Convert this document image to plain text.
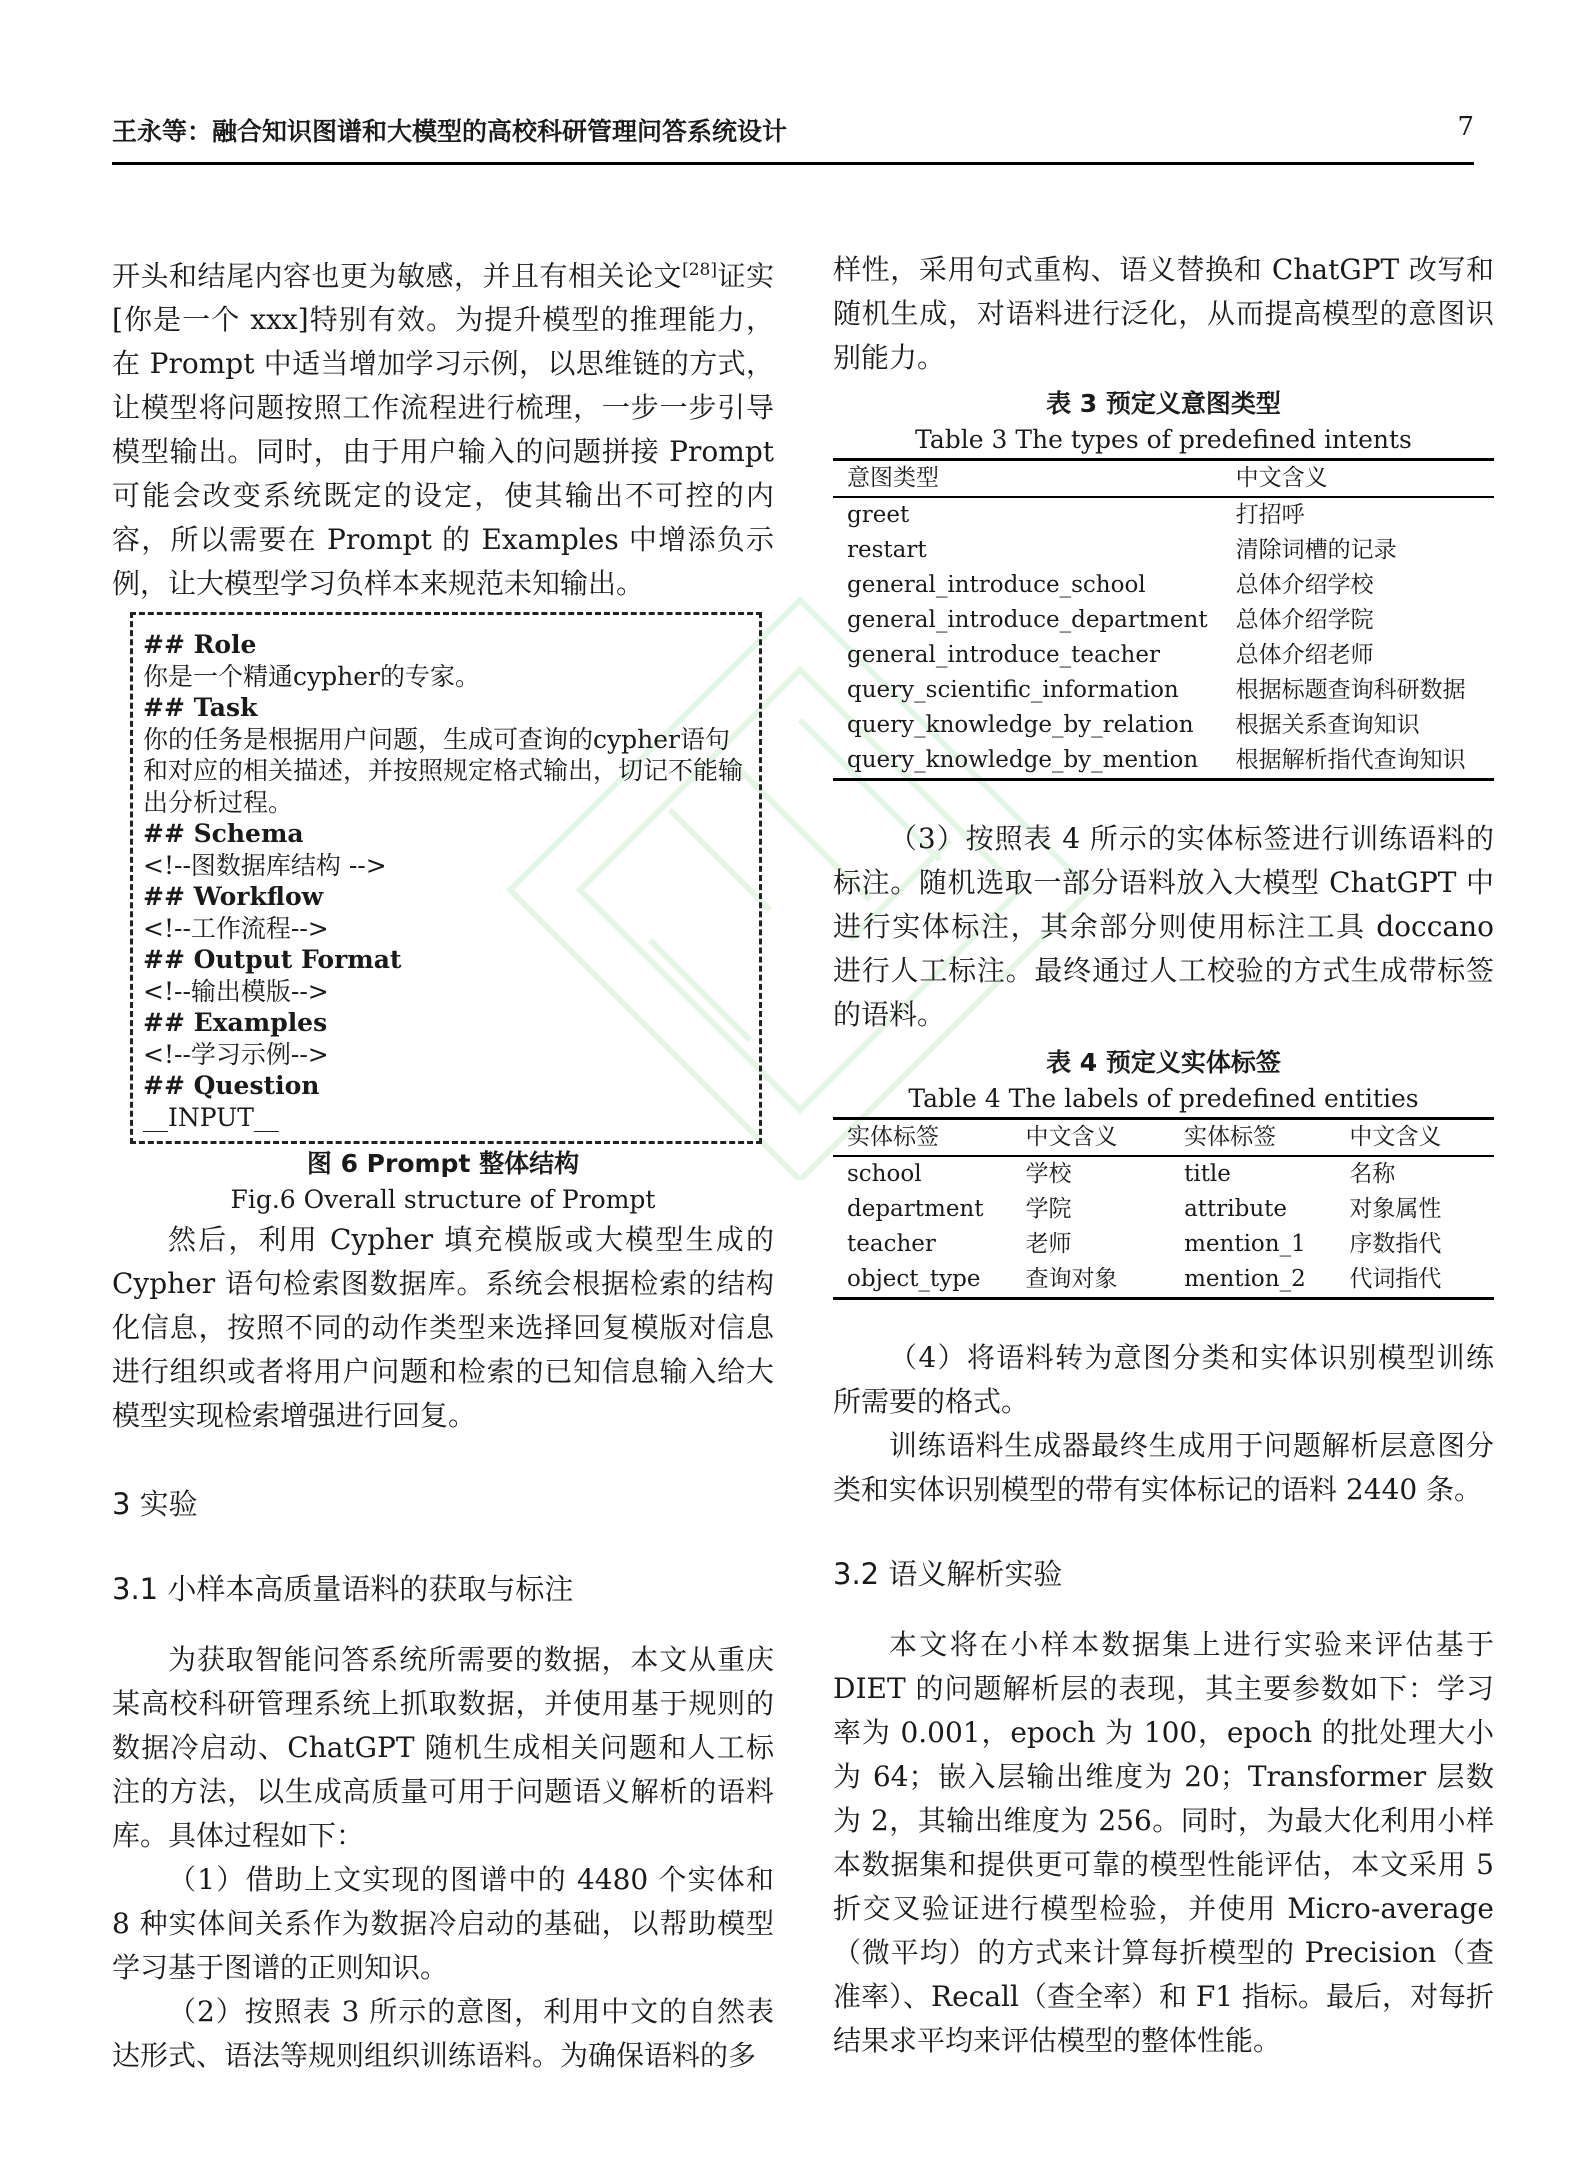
王永等：融合知识图谱和大模型的高校科研管理问答系统设计	7

开头和结尾内容也更为敏感，并且有相关论文[28]证实[你是一个 xxx]特别有效。为提升模型的推理能力，在 Prompt 中适当增加学习示例，以思维链的方式，让模型将问题按照工作流程进行梳理，一步一步引导模型输出。同时，由于用户输入的问题拼接 Prompt 可能会改变系统既定的设定，使其输出不可控的内容，所以需要在 Prompt 的 Examples 中增添负示例，让大模型学习负样本来规范未知输出。

## Role
你是一个精通cypher的专家。
## Task
你的任务是根据用户问题，生成可查询的cypher语句和对应的相关描述，并按照规定格式输出，切记不能输出分析过程。
## Schema
<!--图数据库结构 -->
## Workflow
<!--工作流程-->
## Output Format
<!--输出模版-->
## Examples
<!--学习示例-->
## Question
__INPUT__

图 6 Prompt 整体结构

Fig.6 Overall structure of Prompt

然后，利用 Cypher 填充模版或大模型生成的 Cypher 语句检索图数据库。系统会根据检索的结构化信息，按照不同的动作类型来选择回复模版对信息进行组织或者将用户问题和检索的已知信息输入给大模型实现检索增强进行回复。

3 实验

3.1 小样本高质量语料的获取与标注

为获取智能问答系统所需要的数据，本文从重庆某高校科研管理系统上抓取数据，并使用基于规则的数据冷启动、ChatGPT 随机生成相关问题和人工标注的方法，以生成高质量可用于问题语义解析的语料库。具体过程如下：

（1）借助上文实现的图谱中的 4480 个实体和 8 种实体间关系作为数据冷启动的基础，以帮助模型学习基于图谱的正则知识。

（2）按照表 3 所示的意图，利用中文的自然表达形式、语法等规则组织训练语料。为确保语料的多

样性，采用句式重构、语义替换和 ChatGPT 改写和随机生成，对语料进行泛化，从而提高模型的意图识别能力。

表 3 预定义意图类型

Table 3 The types of predefined intents

意图类型	中文含义
greet	打招呼
restart	清除词槽的记录
general_introduce_school	总体介绍学校
general_introduce_department	总体介绍学院
general_introduce_teacher	总体介绍老师
query_scientific_information	根据标题查询科研数据
query_knowledge_by_relation	根据关系查询知识
query_knowledge_by_mention	根据解析指代查询知识

（3）按照表 4 所示的实体标签进行训练语料的标注。随机选取一部分语料放入大模型 ChatGPT 中进行实体标注，其余部分则使用标注工具 doccano 进行人工标注。最终通过人工校验的方式生成带标签的语料。

表 4 预定义实体标签

Table 4 The labels of predefined entities

实体标签	中文含义	实体标签	中文含义
school	学校	title	名称
department	学院	attribute	对象属性
teacher	老师	mention_1	序数指代
object_type	查询对象	mention_2	代词指代

（4）将语料转为意图分类和实体识别模型训练所需要的格式。

训练语料生成器最终生成用于问题解析层意图分类和实体识别模型的带有实体标记的语料 2440 条。

3.2 语义解析实验

本文将在小样本数据集上进行实验来评估基于 DIET 的问题解析层的表现，其主要参数如下：学习率为 0.001，epoch 为 100，epoch 的批处理大小为 64；嵌入层输出维度为 20；Transformer 层数为 2，其输出维度为 256。同时，为最大化利用小样本数据集和提供更可靠的模型性能评估，本文采用 5 折交叉验证进行模型检验，并使用 Micro-average（微平均）的方式来计算每折模型的 Precision（查准率）、Recall（查全率）和 F1 指标。最后，对每折结果求平均来评估模型的整体性能。
